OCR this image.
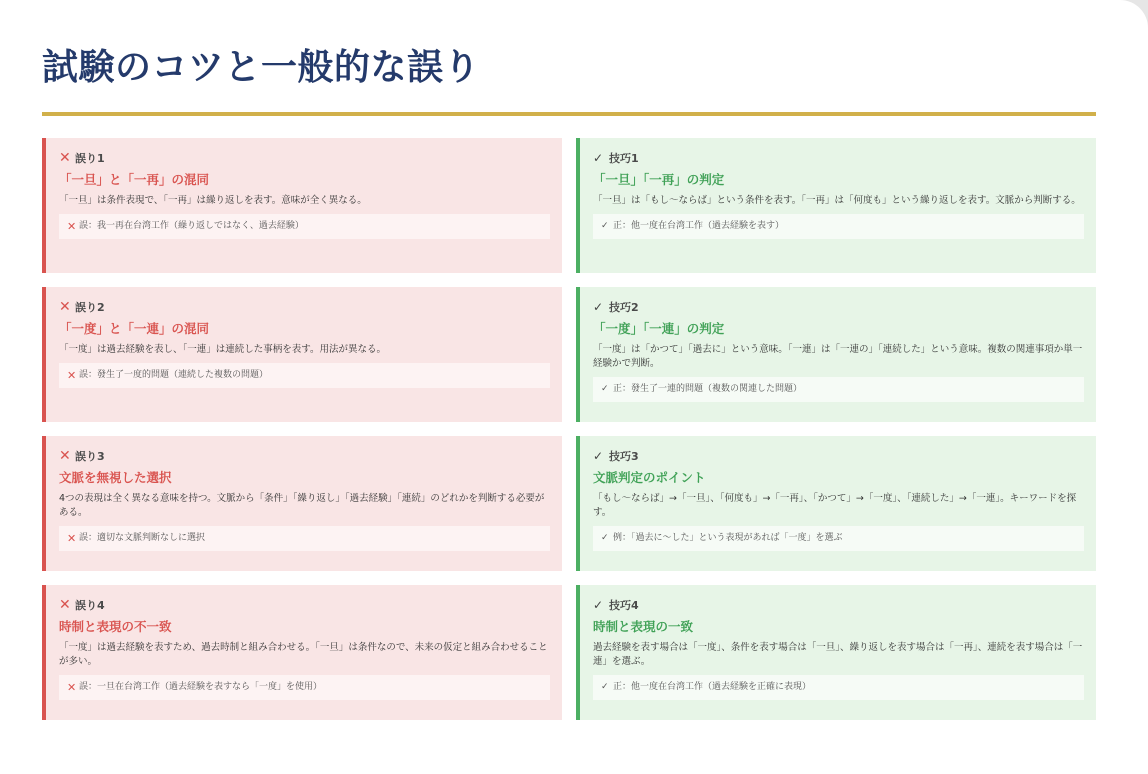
試験のコツと一般的な誤り
✕ 誤り1
「一旦」と「一再」の混同
「一旦」は条件表現で、「一再」は繰り返しを表す。意味が全く異なる。
✕ 誤：我一再在台湾工作（繰り返しではなく、過去経験）
✓ 技巧1
「一旦」「一再」の判定
「一旦」は「もし〜ならば」という条件を表す。「一再」は「何度も」という繰り返しを表す。文脈から判断する。
✓ 正：他一度在台湾工作（過去経験を表す）
✕ 誤り2
「一度」と「一連」の混同
「一度」は過去経験を表し、「一連」は連続した事柄を表す。用法が異なる。
✕ 誤：發生了一度的問題（連続した複数の問題）
✓ 技巧2
「一度」「一連」の判定
「一度」は「かつて」「過去に」という意味。「一連」は「一連の」「連続した」という意味。複数の関連事項か単一経験かで判断。
✓ 正：發生了一連的問題（複数の関連した問題）
✕ 誤り3
文脈を無視した選択
4つの表現は全く異なる意味を持つ。文脈から「条件」「繰り返し」「過去経験」「連続」のどれかを判断する必要がある。
✕ 誤：適切な文脈判断なしに選択
✓ 技巧3
文脈判定のポイント
「もし〜ならば」→「一旦」、「何度も」→「一再」、「かつて」→「一度」、「連続した」→「一連」。キーワードを探す。
✓ 例：「過去に〜した」という表現があれば「一度」を選ぶ
✕ 誤り4
時制と表現の不一致
「一度」は過去経験を表すため、過去時制と組み合わせる。「一旦」は条件なので、未来の仮定と組み合わせることが多い。
✕ 誤：一旦在台湾工作（過去経験を表すなら「一度」を使用）
✓ 技巧4
時制と表現の一致
過去経験を表す場合は「一度」、条件を表す場合は「一旦」、繰り返しを表す場合は「一再」、連続を表す場合は「一連」を選ぶ。
✓ 正：他一度在台湾工作（過去経験を正確に表現）
